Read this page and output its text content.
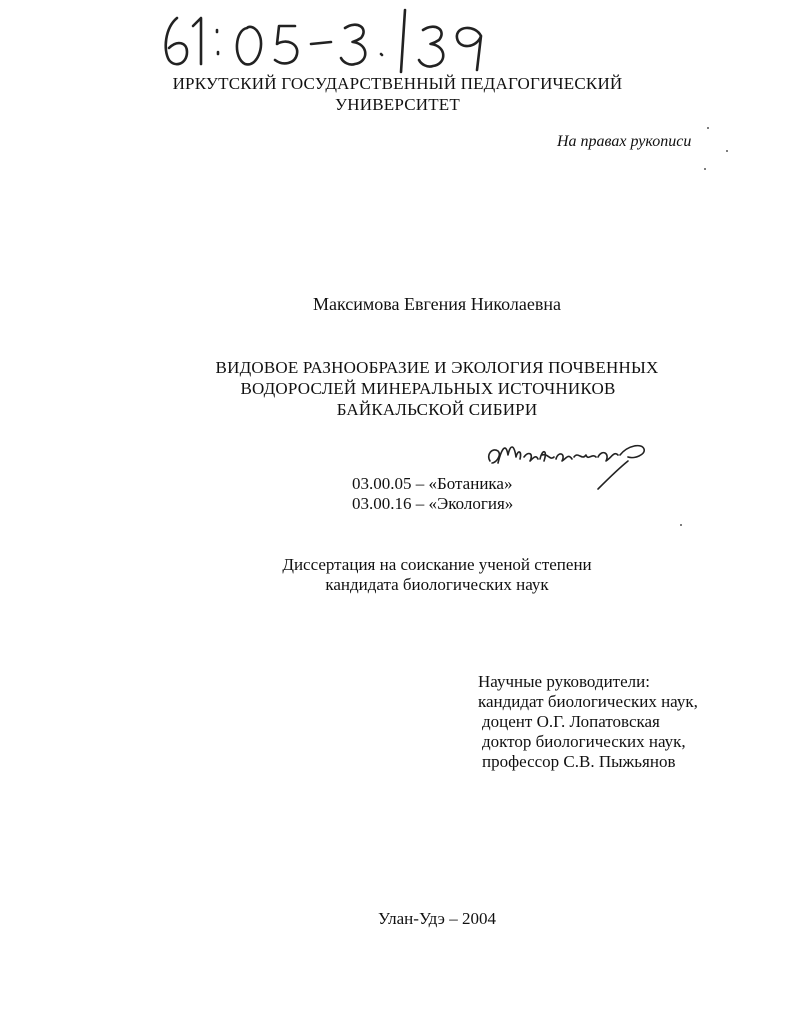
ИРКУТСКИЙ ГОСУДАРСТВЕННЫЙ ПЕДАГОГИЧЕСКИЙ
УНИВЕРСИТЕТ
На правах рукописи
Максимова Евгения Николаевна
ВИДОВОЕ РАЗНООБРАЗИЕ И ЭКОЛОГИЯ ПОЧВЕННЫХ
ВОДОРОСЛЕЙ МИНЕРАЛЬНЫХ ИСТОЧНИКОВ
БАЙКАЛЬСКОЙ СИБИРИ
03.00.05 – «Ботаника»
03.00.16 – «Экология»
Диссертация на соискание ученой степени
кандидата биологических наук
Научные руководители:
кандидат биологических наук,
доцент О.Г. Лопатовская
доктор биологических наук,
профессор С.В. Пыжьянов
Улан-Удэ – 2004
